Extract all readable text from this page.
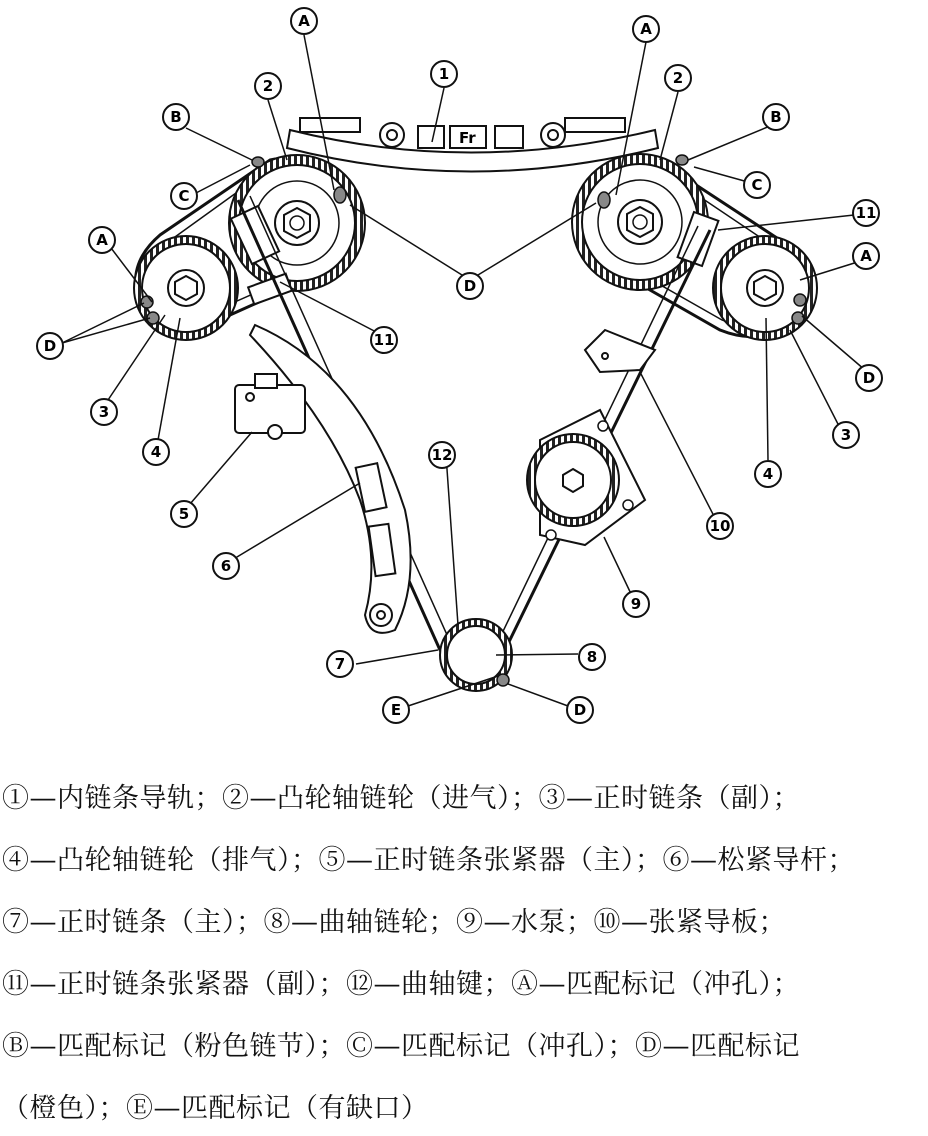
Fr
1
2	2
A	A
B	B
C
C
D
11
A
D
3
4
A
D
3
4
11
5
6
12
10
9
7	8
E	D
①—内链条导轨；②—凸轮轴链轮（进气）；③—正时链条（副）；
④—凸轮轴链轮（排气）；⑤—正时链条张紧器（主）；⑥—松紧导杆；
⑦—正时链条（主）；⑧—曲轴链轮；⑨—水泵；⑩—张紧导板；
⑪—正时链条张紧器（副）；⑫—曲轴键；Ⓐ—匹配标记（冲孔）；
Ⓑ—匹配标记（粉色链节）；Ⓒ—匹配标记（冲孔）；Ⓓ—匹配标记
（橙色）；Ⓔ—匹配标记（有缺口）
